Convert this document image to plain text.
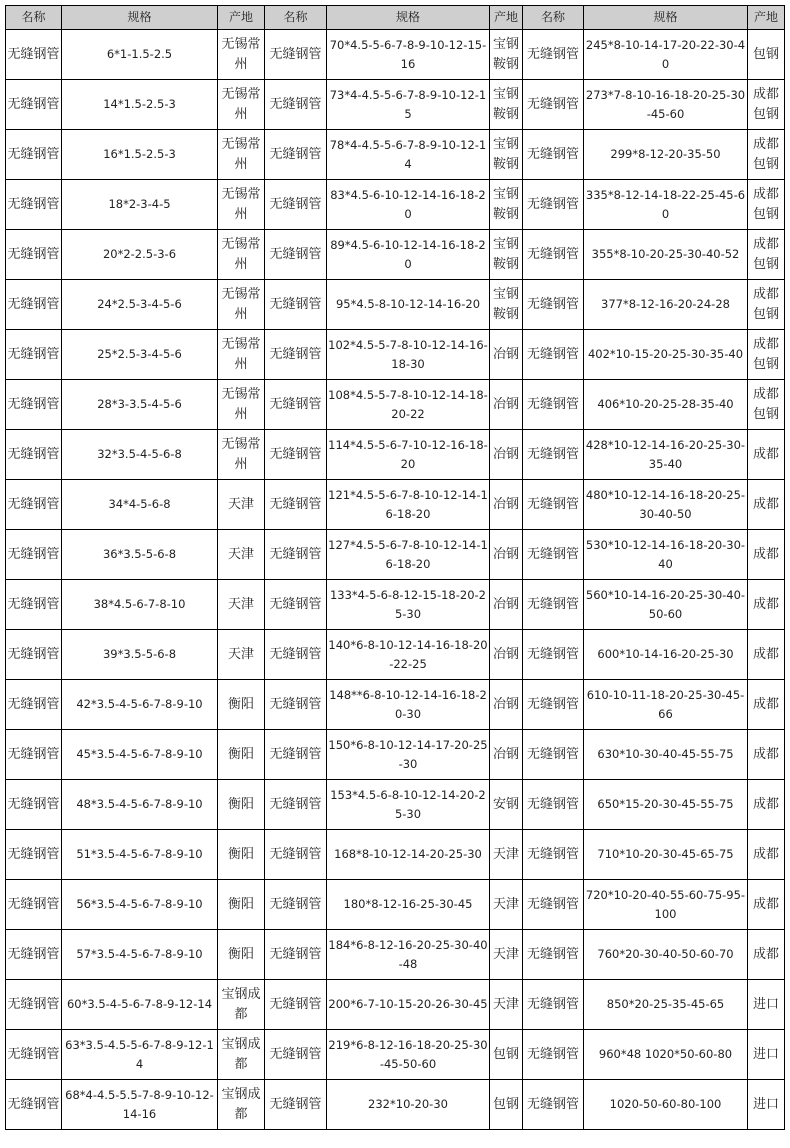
名称	规格	产地	名称	规格	产地	名称	规格	产地
无缝钢管	6*1-1.5-2.5	无锡常州	无缝钢管	70*4.5-5-6-7-8-9-10-12-15-16	宝钢鞍钢	无缝钢管	245*8-10-14-17-20-22-30-40	包钢
无缝钢管	14*1.5-2.5-3	无锡常州	无缝钢管	73*4-4.5-5-6-7-8-9-10-12-15	宝钢鞍钢	无缝钢管	273*7-8-10-16-18-20-25-30-45-60	成都包钢
无缝钢管	16*1.5-2.5-3	无锡常州	无缝钢管	78*4-4.5-5-6-7-8-9-10-12-14	宝钢鞍钢	无缝钢管	299*8-12-20-35-50	成都包钢
无缝钢管	18*2-3-4-5	无锡常州	无缝钢管	83*4.5-6-10-12-14-16-18-20	宝钢鞍钢	无缝钢管	335*8-12-14-18-22-25-45-60	成都包钢
无缝钢管	20*2-2.5-3-6	无锡常州	无缝钢管	89*4.5-6-10-12-14-16-18-20	宝钢鞍钢	无缝钢管	355*8-10-20-25-30-40-52	成都包钢
无缝钢管	24*2.5-3-4-5-6	无锡常州	无缝钢管	95*4.5-8-10-12-14-16-20	宝钢鞍钢	无缝钢管	377*8-12-16-20-24-28	成都包钢
无缝钢管	25*2.5-3-4-5-6	无锡常州	无缝钢管	102*4.5-5-7-8-10-12-14-16-18-30	冶钢	无缝钢管	402*10-15-20-25-30-35-40	成都包钢
无缝钢管	28*3-3.5-4-5-6	无锡常州	无缝钢管	108*4.5-5-7-8-10-12-14-18-20-22	冶钢	无缝钢管	406*10-20-25-28-35-40	成都包钢
无缝钢管	32*3.5-4-5-6-8	无锡常州	无缝钢管	114*4.5-5-6-7-10-12-16-18-20	冶钢	无缝钢管	428*10-12-14-16-20-25-30-35-40	成都
无缝钢管	34*4-5-6-8	天津	无缝钢管	121*4.5-5-6-7-8-10-12-14-16-18-20	冶钢	无缝钢管	480*10-12-14-16-18-20-25-30-40-50	成都
无缝钢管	36*3.5-5-6-8	天津	无缝钢管	127*4.5-5-6-7-8-10-12-14-16-18-20	冶钢	无缝钢管	530*10-12-14-16-18-20-30-40	成都
无缝钢管	38*4.5-6-7-8-10	天津	无缝钢管	133*4-5-6-8-12-15-18-20-25-30	冶钢	无缝钢管	560*10-14-16-20-25-30-40-50-60	成都
无缝钢管	39*3.5-5-6-8	天津	无缝钢管	140*6-8-10-12-14-16-18-20-22-25	冶钢	无缝钢管	600*10-14-16-20-25-30	成都
无缝钢管	42*3.5-4-5-6-7-8-9-10	衡阳	无缝钢管	148**6-8-10-12-14-16-18-20-30	冶钢	无缝钢管	610-10-11-18-20-25-30-45-66	成都
无缝钢管	45*3.5-4-5-6-7-8-9-10	衡阳	无缝钢管	150*6-8-10-12-14-17-20-25-30	冶钢	无缝钢管	630*10-30-40-45-55-75	成都
无缝钢管	48*3.5-4-5-6-7-8-9-10	衡阳	无缝钢管	153*4.5-6-8-10-12-14-20-25-30	安钢	无缝钢管	650*15-20-30-45-55-75	成都
无缝钢管	51*3.5-4-5-6-7-8-9-10	衡阳	无缝钢管	168*8-10-12-14-20-25-30	天津	无缝钢管	710*10-20-30-45-65-75	成都
无缝钢管	56*3.5-4-5-6-7-8-9-10	衡阳	无缝钢管	180*8-12-16-25-30-45	天津	无缝钢管	720*10-20-40-55-60-75-95-100	成都
无缝钢管	57*3.5-4-5-6-7-8-9-10	衡阳	无缝钢管	184*6-8-12-16-20-25-30-40-48	天津	无缝钢管	760*20-30-40-50-60-70	成都
无缝钢管	60*3.5-4-5-6-7-8-9-12-14	宝钢成都	无缝钢管	200*6-7-10-15-20-26-30-45	天津	无缝钢管	850*20-25-35-45-65	进口
无缝钢管	63*3.5-4.5-5-6-7-8-9-12-14	宝钢成都	无缝钢管	219*6-8-12-16-18-20-25-30-45-50-60	包钢	无缝钢管	960*48 1020*50-60-80	进口
无缝钢管	68*4-4.5-5.5-7-8-9-10-12-14-16	宝钢成都	无缝钢管	232*10-20-30	包钢	无缝钢管	1020-50-60-80-100	进口
